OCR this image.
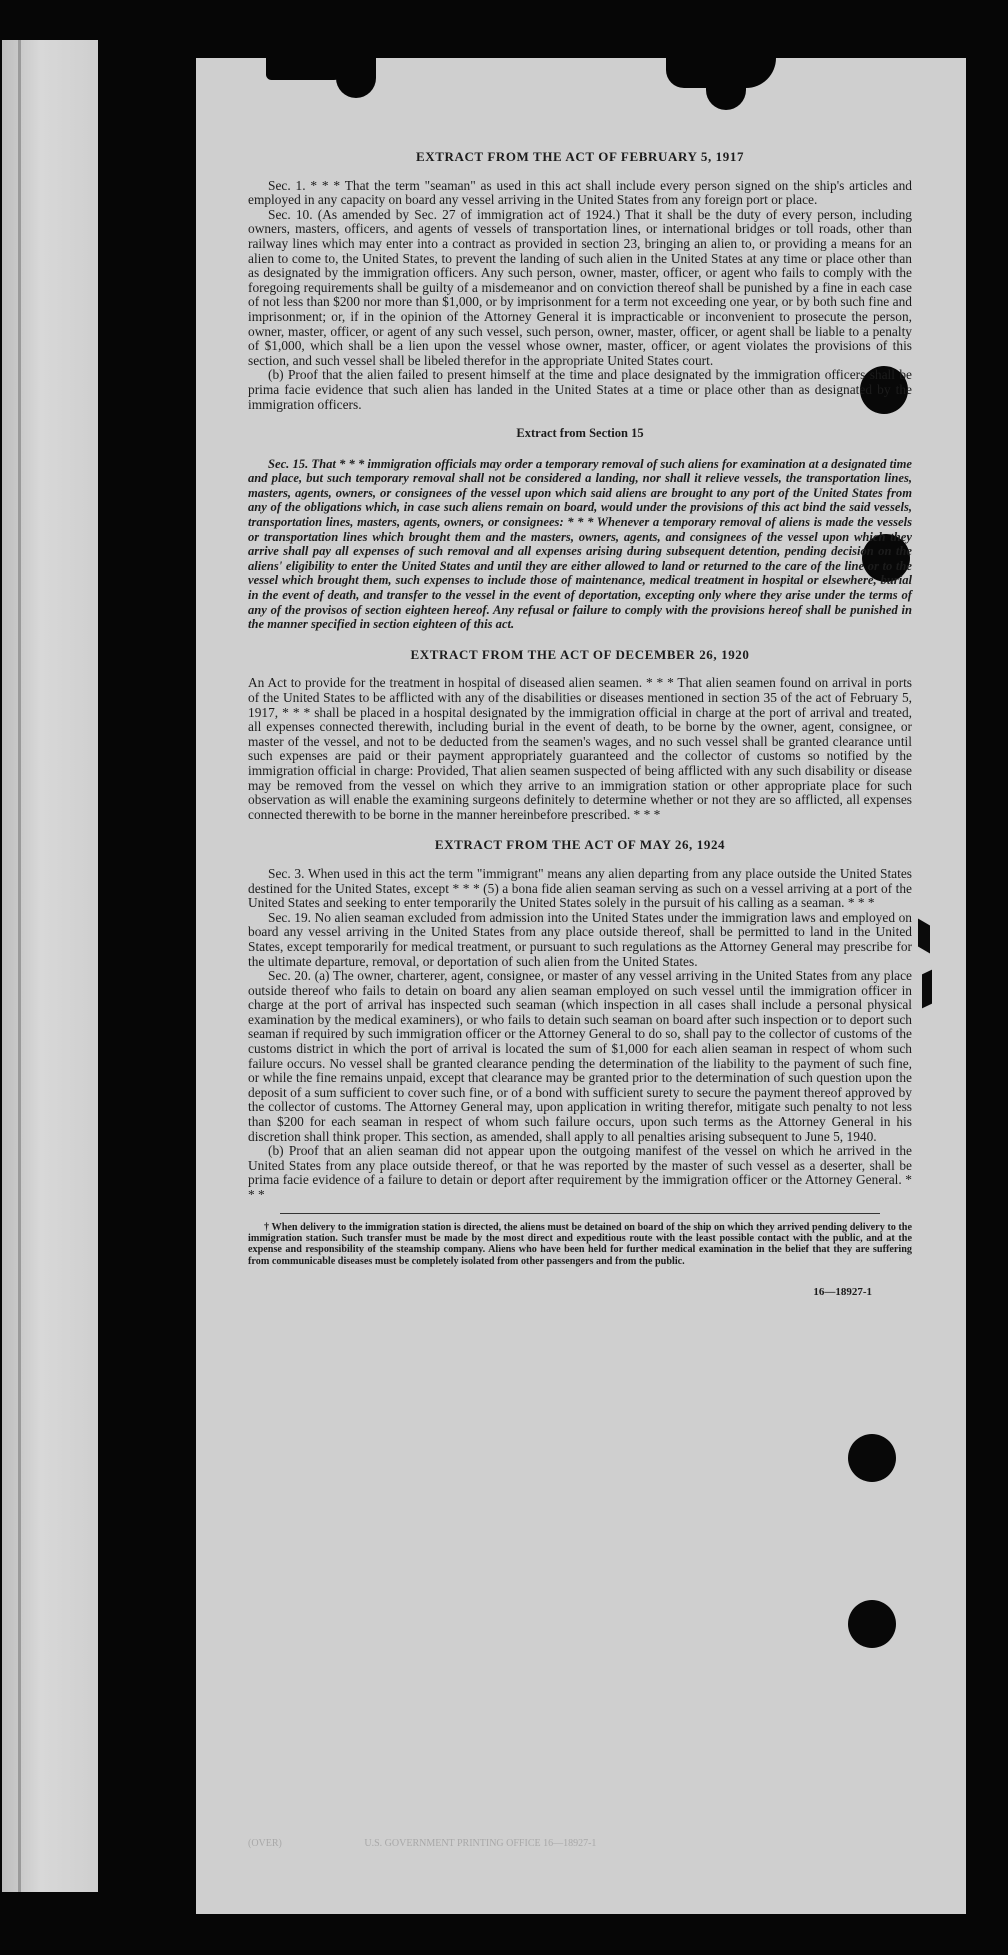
EXTRACT FROM THE ACT OF FEBRUARY 5, 1917

Sec. 1. * * * That the term "seaman" as used in this act shall include every person signed on the ship's articles and employed in any capacity on board any vessel arriving in the United States from any foreign port or place.

Sec. 10. (As amended by Sec. 27 of immigration act of 1924.) That it shall be the duty of every person, including owners, masters, officers, and agents of vessels of transportation lines, or international bridges or toll roads, other than railway lines which may enter into a contract as provided in section 23, bringing an alien to, or providing a means for an alien to come to, the United States, to prevent the landing of such alien in the United States at any time or place other than as designated by the immigration officers. Any such person, owner, master, officer, or agent who fails to comply with the foregoing requirements shall be guilty of a misdemeanor and on conviction thereof shall be punished by a fine in each case of not less than $200 nor more than $1,000, or by imprisonment for a term not exceeding one year, or by both such fine and imprisonment; or, if in the opinion of the Attorney General it is impracticable or inconvenient to prosecute the person, owner, master, officer, or agent of any such vessel, such person, owner, master, officer, or agent shall be liable to a penalty of $1,000, which shall be a lien upon the vessel whose owner, master, officer, or agent violates the provisions of this section, and such vessel shall be libeled therefor in the appropriate United States court.

(b) Proof that the alien failed to present himself at the time and place designated by the immigration officers shall be prima facie evidence that such alien has landed in the United States at a time or place other than as designated by the immigration officers.

Extract from Section 15

Sec. 15. That * * * immigration officials may order a temporary removal of such aliens for examination at a designated time and place, but such temporary removal shall not be considered a landing, nor shall it relieve vessels, the transportation lines, masters, agents, owners, or consignees of the vessel upon which said aliens are brought to any port of the United States from any of the obligations which, in case such aliens remain on board, would under the provisions of this act bind the said vessels, transportation lines, masters, agents, owners, or consignees: * * * Whenever a temporary removal of aliens is made the vessels or transportation lines which brought them and the masters, owners, agents, and consignees of the vessel upon which they arrive shall pay all expenses of such removal and all expenses arising during subsequent detention, pending decision on the aliens' eligibility to enter the United States and until they are either allowed to land or returned to the care of the line or to the vessel which brought them, such expenses to include those of maintenance, medical treatment in hospital or elsewhere, burial in the event of death, and transfer to the vessel in the event of deportation, excepting only where they arise under the terms of any of the provisos of section eighteen hereof. Any refusal or failure to comply with the provisions hereof shall be punished in the manner specified in section eighteen of this act.

EXTRACT FROM THE ACT OF DECEMBER 26, 1920

An Act to provide for the treatment in hospital of diseased alien seamen. * * * That alien seamen found on arrival in ports of the United States to be afflicted with any of the disabilities or diseases mentioned in section 35 of the act of February 5, 1917, * * * shall be placed in a hospital designated by the immigration official in charge at the port of arrival and treated, all expenses connected therewith, including burial in the event of death, to be borne by the owner, agent, consignee, or master of the vessel, and not to be deducted from the seamen's wages, and no such vessel shall be granted clearance until such expenses are paid or their payment appropriately guaranteed and the collector of customs so notified by the immigration official in charge: Provided, That alien seamen suspected of being afflicted with any such disability or disease may be removed from the vessel on which they arrive to an immigration station or other appropriate place for such observation as will enable the examining surgeons definitely to determine whether or not they are so afflicted, all expenses connected therewith to be borne in the manner hereinbefore prescribed. * * *

EXTRACT FROM THE ACT OF MAY 26, 1924

Sec. 3. When used in this act the term "immigrant" means any alien departing from any place outside the United States destined for the United States, except * * * (5) a bona fide alien seaman serving as such on a vessel arriving at a port of the United States and seeking to enter temporarily the United States solely in the pursuit of his calling as a seaman. * * *

Sec. 19. No alien seaman excluded from admission into the United States under the immigration laws and employed on board any vessel arriving in the United States from any place outside thereof, shall be permitted to land in the United States, except temporarily for medical treatment, or pursuant to such regulations as the Attorney General may prescribe for the ultimate departure, removal, or deportation of such alien from the United States.

Sec. 20. (a) The owner, charterer, agent, consignee, or master of any vessel arriving in the United States from any place outside thereof who fails to detain on board any alien seaman employed on such vessel until the immigration officer in charge at the port of arrival has inspected such seaman (which inspection in all cases shall include a personal physical examination by the medical examiners), or who fails to detain such seaman on board after such inspection or to deport such seaman if required by such immigration officer or the Attorney General to do so, shall pay to the collector of customs of the customs district in which the port of arrival is located the sum of $1,000 for each alien seaman in respect of whom such failure occurs. No vessel shall be granted clearance pending the determination of the liability to the payment of such fine, or while the fine remains unpaid, except that clearance may be granted prior to the determination of such question upon the deposit of a sum sufficient to cover such fine, or of a bond with sufficient surety to secure the payment thereof approved by the collector of customs. The Attorney General may, upon application in writing therefor, mitigate such penalty to not less than $200 for each seaman in respect of whom such failure occurs, upon such terms as the Attorney General in his discretion shall think proper. This section, as amended, shall apply to all penalties arising subsequent to June 5, 1940.

(b) Proof that an alien seaman did not appear upon the outgoing manifest of the vessel on which he arrived in the United States from any place outside thereof, or that he was reported by the master of such vessel as a deserter, shall be prima facie evidence of a failure to detain or deport after requirement by the immigration officer or the Attorney General. * * *

† When delivery to the immigration station is directed, the aliens must be detained on board of the ship on which they arrived pending delivery to the immigration station. Such transfer must be made by the most direct and expeditious route with the least possible contact with the public, and at the expense and responsibility of the steamship company. Aliens who have been held for further medical examination in the belief that they are suffering from communicable diseases must be completely isolated from other passengers and from the public.

16—18927-1
(OVER)	U.S. GOVERNMENT PRINTING OFFICE 16—18927-1
